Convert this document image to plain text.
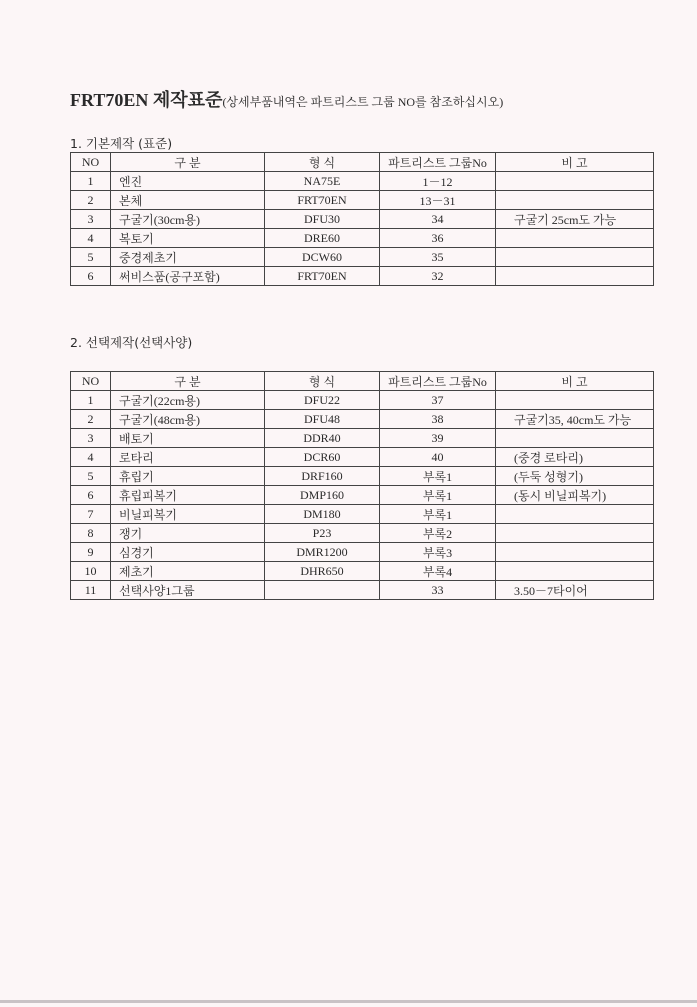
FRT70EN 제작표준(상세부품내역은 파트리스트 그룹 NO를 참조하십시오)
1. 기본제작 (표준)
NO	구 분	형 식	파트리스트 그룹No	비 고
1	엔진	NA75E	1－12	
2	본체	FRT70EN	13－31	
3	구굴기(30cm용)	DFU30	34	구굴기 25cm도 가능
4	복토기	DRE60	36	
5	중경제초기	DCW60	35	
6	써비스품(공구포함)	FRT70EN	32	
2. 선택제작(선택사양)
NO	구 분	형 식	파트리스트 그룹No	비 고
1	구굴기(22cm용)	DFU22	37	
2	구굴기(48cm용)	DFU48	38	구굴기35, 40cm도 가능
3	배토기	DDR40	39	
4	로타리	DCR60	40	(중경 로타리)
5	휴립기	DRF160	부록1	(두둑 성형기)
6	휴립피복기	DMP160	부록1	(동시 비닐피복기)
7	비닐피복기	DM180	부록1	
8	쟁기	P23	부록2	
9	심경기	DMR1200	부록3	
10	제초기	DHR650	부록4	
11	선택사양1그룹		33	3.50－7타이어
